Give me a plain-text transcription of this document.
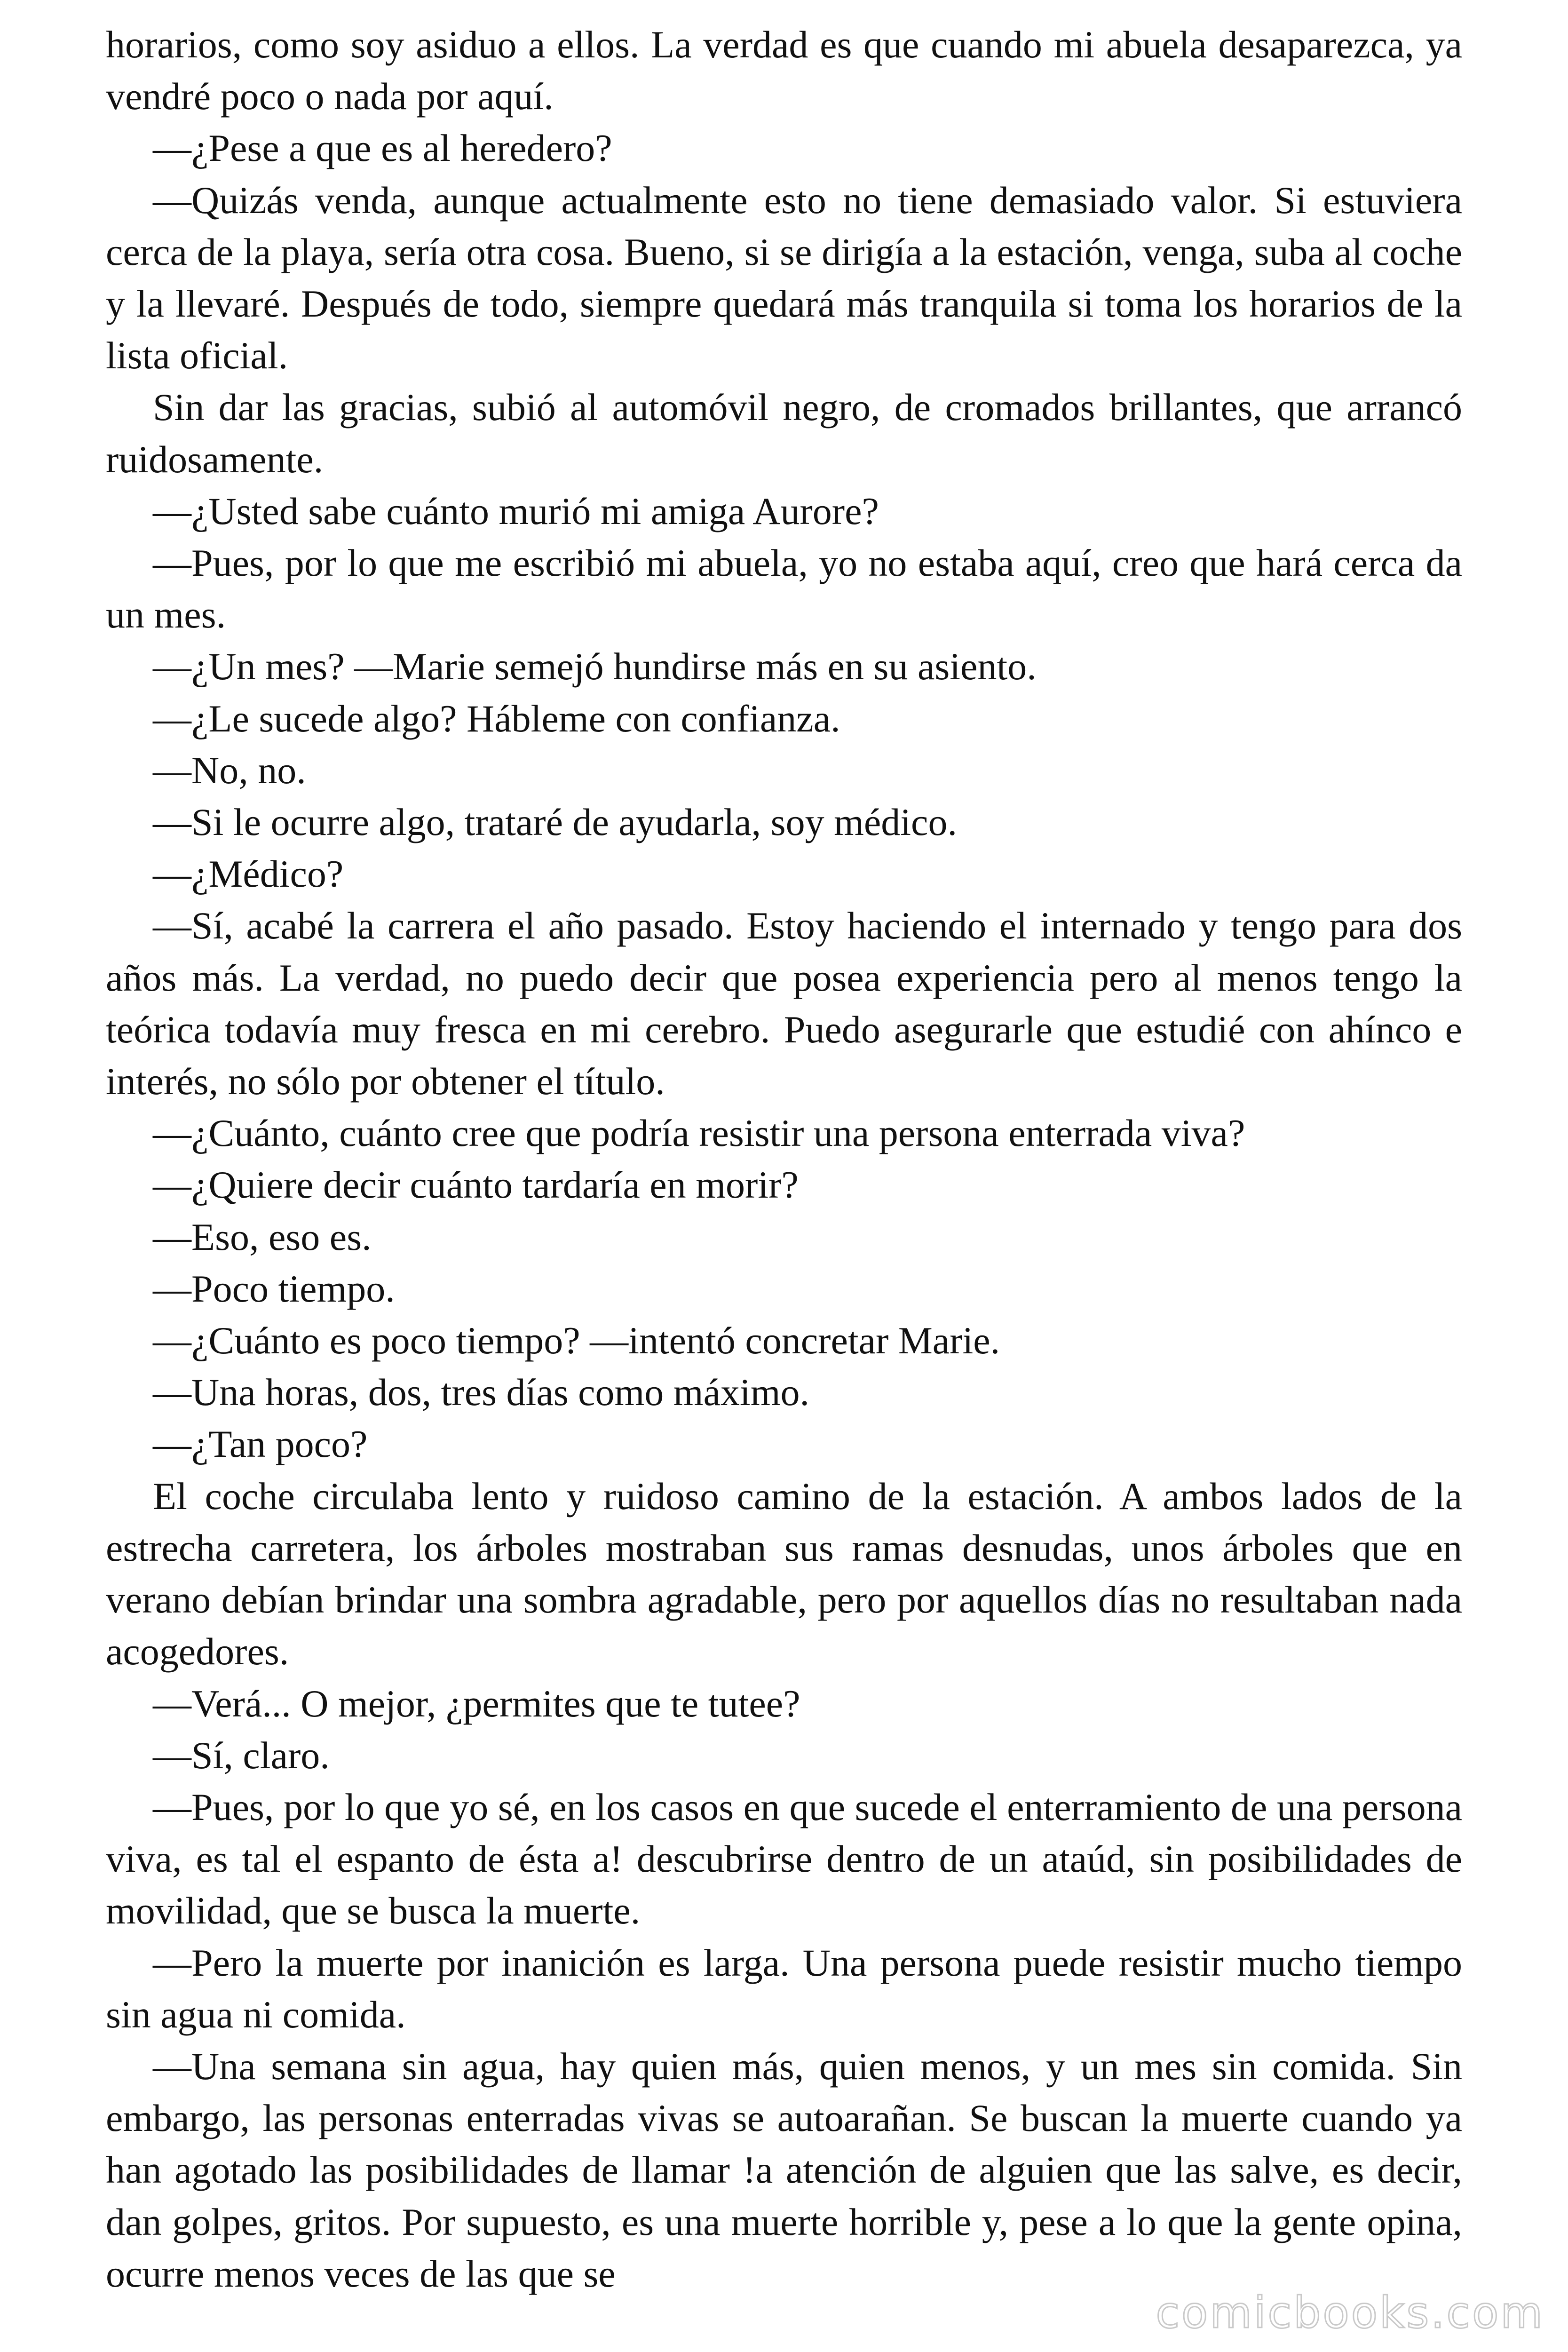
horarios, como soy asiduo a ellos. La verdad es que cuando mi abuela desaparezca, ya vendré poco o nada por aquí.

—¿Pese a que es al heredero?

—Quizás venda, aunque actualmente esto no tiene demasiado valor. Si estuviera cerca de la playa, sería otra cosa. Bueno, si se dirigía a la estación, venga, suba al coche y la llevaré. Después de todo, siempre quedará más tranquila si toma los horarios de la lista oficial.

Sin dar las gracias, subió al automóvil negro, de cromados brillantes, que arrancó ruidosamente.

—¿Usted sabe cuánto murió mi amiga Aurore?

—Pues, por lo que me escribió mi abuela, yo no estaba aquí, creo que hará cerca da un mes.

—¿Un mes? —Marie semejó hundirse más en su asiento.

—¿Le sucede algo? Hábleme con confianza.

—No, no.

—Si le ocurre algo, trataré de ayudarla, soy médico.

—¿Médico?

—Sí, acabé la carrera el año pasado. Estoy haciendo el internado y tengo para dos años más. La verdad, no puedo decir que posea experiencia pero al menos tengo la teórica todavía muy fresca en mi cerebro. Puedo asegurarle que estudié con ahínco e interés, no sólo por obtener el título.

—¿Cuánto, cuánto cree que podría resistir una persona enterrada viva?

—¿Quiere decir cuánto tardaría en morir?

—Eso, eso es.

—Poco tiempo.

—¿Cuánto es poco tiempo? —intentó concretar Marie.

—Una horas, dos, tres días como máximo.

—¿Tan poco?

El coche circulaba lento y ruidoso camino de la estación. A ambos lados de la estrecha carretera, los árboles mostraban sus ramas desnudas, unos árboles que en verano debían brindar una sombra agradable, pero por aquellos días no resultaban nada acogedores.

—Verá... O mejor, ¿permites que te tutee?

—Sí, claro.

—Pues, por lo que yo sé, en los casos en que sucede el enterramiento de una persona viva, es tal el espanto de ésta a! descubrirse dentro de un ataúd, sin posibilidades de movilidad, que se busca la muerte.

—Pero la muerte por inanición es larga. Una persona puede resistir mucho tiempo sin agua ni comida.

—Una semana sin agua, hay quien más, quien menos, y un mes sin comida. Sin embargo, las personas enterradas vivas se autoarañan. Se buscan la muerte cuando ya han agotado las posibilidades de llamar !a atención de alguien que las salve, es decir, dan golpes, gritos. Por supuesto, es una muerte horrible y, pese a lo que la gente opina, ocurre menos veces de las que se

comicbooks.com
